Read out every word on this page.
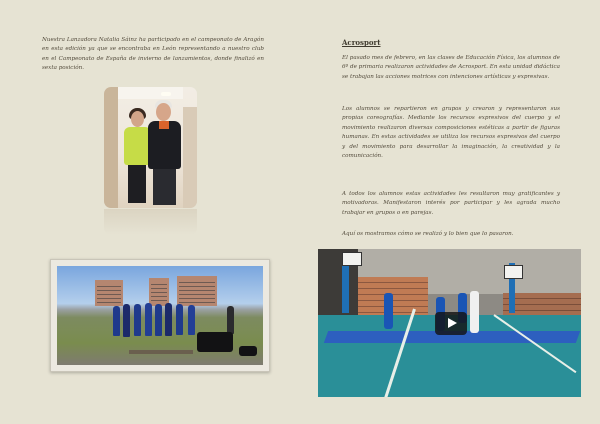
Nuestra Lanzadora Natalia Sáinz ha participado en el campeonato de Aragón en esta edición ya que se encontraba en León representando a nuestro club en el Campeonato de España de invierno de lanzamientos, donde finalizó en sexta posición.

Acrosport

El pasado mes de febrero, en las clases de Educación Física, los alumnos de 6º de primaria realizaron actividades de Acrosport. En esta unidad didáctica se trabajan las acciones motrices con intenciones artísticas y expresivas.

Los alumnos se repartieron en grupos y crearon y representaron sus propias coreografías. Mediante los recursos expresivos del cuerpo y el movimiento realizaron diversas composiciones estéticas a partir de figuras humanas. En estas actividades se utiliza los recursos expresivos del cuerpo y del movimiento para desarrollar la imaginación, la creatividad y la comunicación.

A todos los alumnos estas actividades les resultaron muy gratificantes y motivadoras. Manifestaron interés por participar y les agrada mucho trabajar en grupos o en parejas.

Aquí os mostramos cómo se realizó y lo bien que lo pasaron.
